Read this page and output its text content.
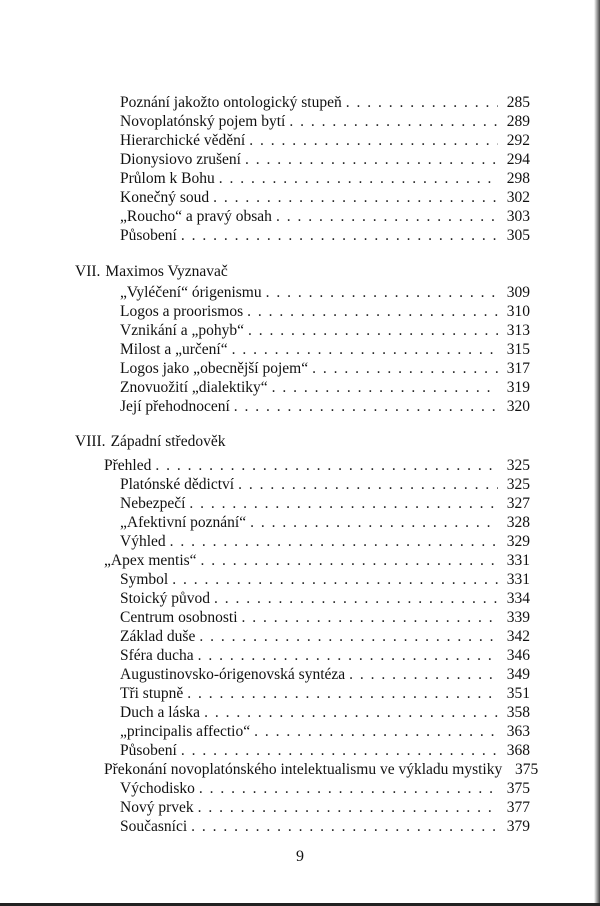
Poznání jakožto ontologický stupeň . . .	285
Novoplatónský pojem bytí . . .	289
Hierarchické vědění . . .	292
Dionysiovo zrušení . . .	294
Průlom k Bohu . . .	298
Konečný soud . . .	302
„Roucho“ a pravý obsah . . .	303
Působení . . .	305
VII. Maximos Vyznavač
„Vyléčení“ órigenismu . . .	309
Logos a proorismos . . .	310
Vznikání a „pohyb“ . . .	313
Milost a „určení“ . . .	315
Logos jako „obecnější pojem“ . . .	317
Znovuožití „dialektiky“ . . .	319
Její přehodnocení . . .	320
VIII. Západní středověk
Přehled . . .	325
Platónské dědictví . . .	325
Nebezpečí . . .	327
„Afektivní poznání“ . . .	328
Výhled . . .	329
„Apex mentis“ . . .	331
Symbol . . .	331
Stoický původ . . .	334
Centrum osobnosti . . .	339
Základ duše . . .	342
Sféra ducha . . .	346
Augustinovsko-órigenovská syntéza . . .	349
Tři stupně . . .	351
Duch a láska . . .	358
„principalis affectio“ . . .	363
Působení . . .	368
Překonání novoplatónského intelektualismu ve výkladu mystiky 375
Východisko . . .	375
Nový prvek . . .	377
Současníci . . .	379
9
